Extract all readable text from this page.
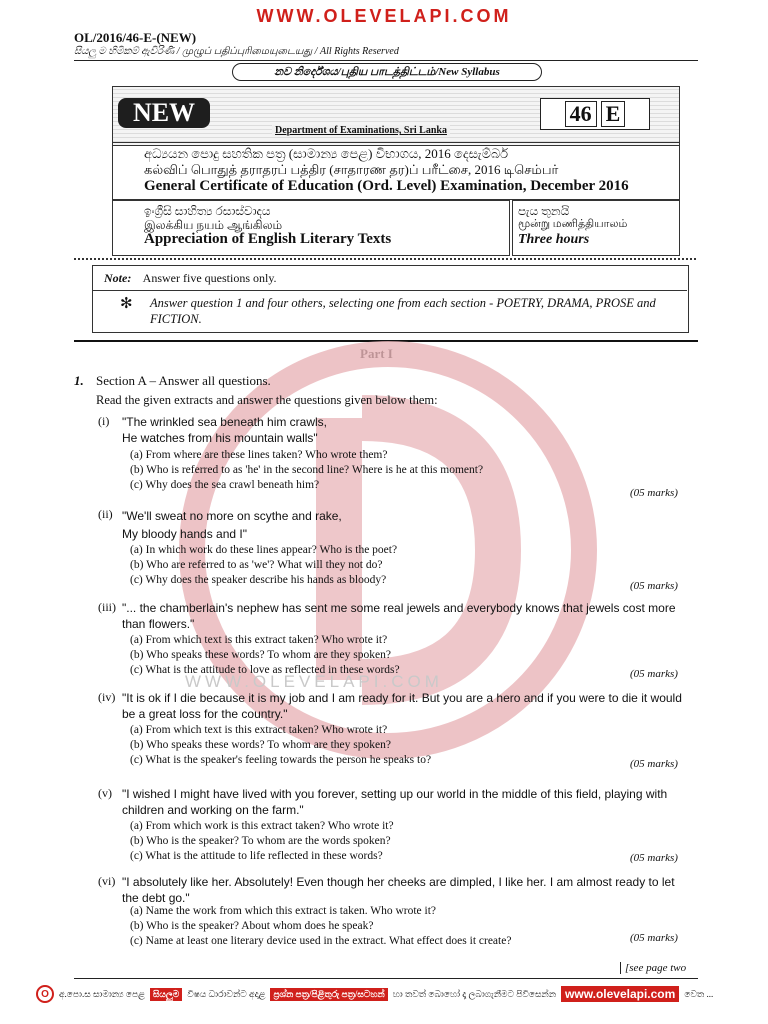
WWW.OLEVELAPI.COM
OL/2016/46-E-(NEW)
සියලු ම හිමිකම් ඇවිරිණි / முழுப் பதிப்புரிமையுடையது / All Rights Reserved
නව නිර්දේශය/புதிய பாடத்திட்டம்/New Syllabus
NEW
Department of Examinations, Sri Lanka
46 E
අධ්‍යයන පොදු සහතික පත්‍ර (සාමාන්‍ය පෙළ) විභාගය, 2016 දෙසැම්බර්
கல்விப் பொதுத் தராதரப் பத்திர (சாதாரண தர)ப் பரீட்சை, 2016 டிசெம்பர்
General Certificate of Education (Ord. Level) Examination, December 2016
ඉංග්‍රීසි සාහිත්‍ය රසාස්වාදය
இலக்கிய நயம் ஆங்கிலம்
Appreciation of English Literary Texts
පැය තුනයි
மூன்று மணித்தியாலம்
Three hours
Note: Answer five questions only.
✻ Answer question 1 and four others, selecting one from each section - POETRY, DRAMA, PROSE and FICTION.
Part I
WWW.OLEVELAPI.COM
1. Section A – Answer all questions.
Read the given extracts and answer the questions given below them:
(i) "The wrinkled sea beneath him crawls,
He watches from his mountain walls"
(a) From where are these lines taken? Who wrote them?
(b) Who is referred to as 'he' in the second line? Where is he at this moment?
(c) Why does the sea crawl beneath him?
(05 marks)
(ii) "We'll sweat no more on scythe and rake,
My bloody hands and I"
(a) In which work do these lines appear? Who is the poet?
(b) Who are referred to as 'we'? What will they not do?
(c) Why does the speaker describe his hands as bloody?	(05 marks)
(iii) "... the chamberlain's nephew has sent me some real jewels and everybody knows that jewels cost more than flowers."
(a) From which text is this extract taken? Who wrote it?
(b) Who speaks these words? To whom are they spoken?
(c) What is the attitude to love as reflected in these words?	(05 marks)
(iv) "It is ok if I die because it is my job and I am ready for it. But you are a hero and if you were to die it would be a great loss for the country."
(a) From which text is this extract taken? Who wrote it?
(b) Who speaks these words? To whom are they spoken?
(c) What is the speaker's feeling towards the person he speaks to?	(05 marks)
(v) "I wished I might have lived with you forever, setting up our world in the middle of this field, playing with children and working on the farm."
(a) From which work is this extract taken? Who wrote it?
(b) Who is the speaker? To whom are the words spoken?
(c) What is the attitude to life reflected in these words?	(05 marks)
(vi) "I absolutely like her. Absolutely! Even though her cheeks are dimpled, I like her. I am almost ready to let the debt go."
(a) Name the work from which this extract is taken. Who wrote it?
(b) Who is the speaker? About whom does he speak?
(c) Name at least one literary device used in the extract. What effect does it create?	(05 marks)
[see page two
O	අ.පො.ස සාමාන්‍ය පෙළ සියලුම විෂය ධාරාවන්ට අදාළ ප්‍රශ්න පත්‍ර/පිළිතුරු පත්‍ර/සටහන් හා තවත් බොහෝ දෑ ලබාගැනීමට පිවිසෙන්න www.olevelapi.com	වෙත ...
